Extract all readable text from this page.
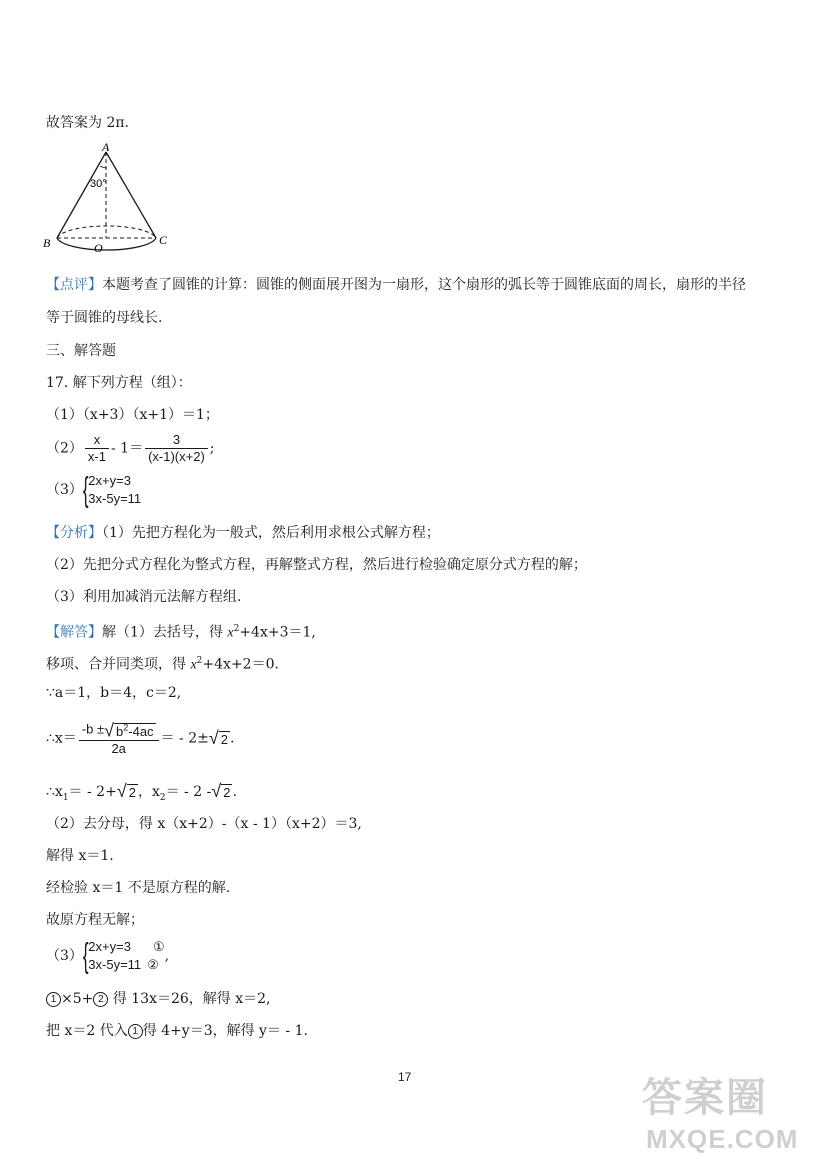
故答案为 2π.
A
30°
B	C
O
【点评】本题考查了圆锥的计算：圆锥的侧面展开图为一扇形，这个扇形的弧长等于圆锥底面的周长，扇形的半径
等于圆锥的母线长.
三、解答题
17. 解下列方程（组）：
（1）（x+3）（x+1）＝1；
$(2) \frac{x}{x-1} - 1= \frac{3}{(x-1)(x+2)}$ ;
（3）{ 2x+y=3
3x-5y=11
【分析】（1）先把方程化为一般式，然后利用求根公式解方程；
（2）先把分式方程化为整式方程，再解整式方程，然后进行检验确定原分式方程的解；
（3）利用加减消元法解方程组.
【解答】解（1）去括号，得 $x^2+4x+3=1$,
移项、合并同类项，得 $x^2+4x+2=0$.
∵a＝1，b＝4，c＝2,
∴x＝ $\frac{-b \pm√ b^2-4ac}{2a}$ ＝ - 2±√ 2 .
$\therefore x_1= - 2+√$ 2 ，$x_2= - 2$ -√ 2 .
（2）去分母，得 x（x+2）-（x - 1）（x+2）＝3,
解得 x＝1.
经检验 x＝1 不是原方程的解.
故原方程无解；
（3）{ 2x+y=3 ①
3x-5y=11 ②
,
1 ×5+ 2 得 13x＝26，解得 x＝2,
把 x＝2 代入 1 得 4+y＝3，解得 y＝ - 1.
17	答案圈
MXQE.COM
